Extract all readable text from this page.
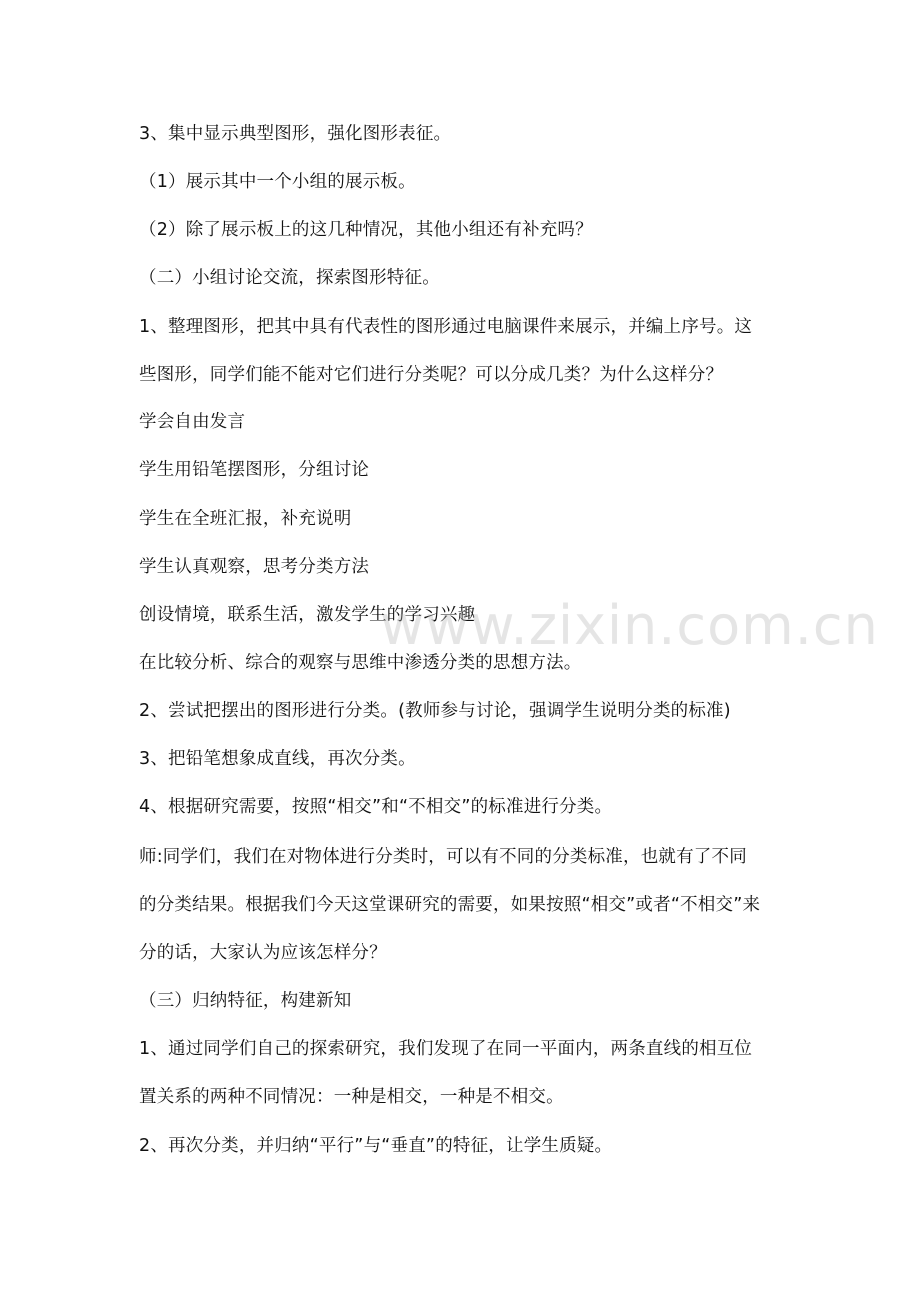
3、集中显示典型图形，强化图形表征。
（1）展示其中一个小组的展示板。
（2）除了展示板上的这几种情况，其他小组还有补充吗？
（二）小组讨论交流，探索图形特征。
1、整理图形，把其中具有代表性的图形通过电脑课件来展示，并编上序号。这
些图形，同学们能不能对它们进行分类呢？可以分成几类？为什么这样分？
学会自由发言
学生用铅笔摆图形，分组讨论
学生在全班汇报，补充说明
学生认真观察，思考分类方法
创设情境，联系生活，激发学生的学习兴趣
在比较分析、综合的观察与思维中渗透分类的思想方法。
2、尝试把摆出的图形进行分类。(教师参与讨论，强调学生说明分类的标准)
3、把铅笔想象成直线，再次分类。
4、根据研究需要，按照“相交”和“不相交”的标准进行分类。
师:同学们，我们在对物体进行分类时，可以有不同的分类标准，也就有了不同
的分类结果。根据我们今天这堂课研究的需要，如果按照“相交”或者“不相交”来
分的话，大家认为应该怎样分？
（三）归纳特征，构建新知
1、通过同学们自己的探索研究，我们发现了在同一平面内，两条直线的相互位
置关系的两种不同情况：一种是相交，一种是不相交。
2、再次分类，并归纳“平行”与“垂直”的特征，让学生质疑。
www.zixin.com.cn
